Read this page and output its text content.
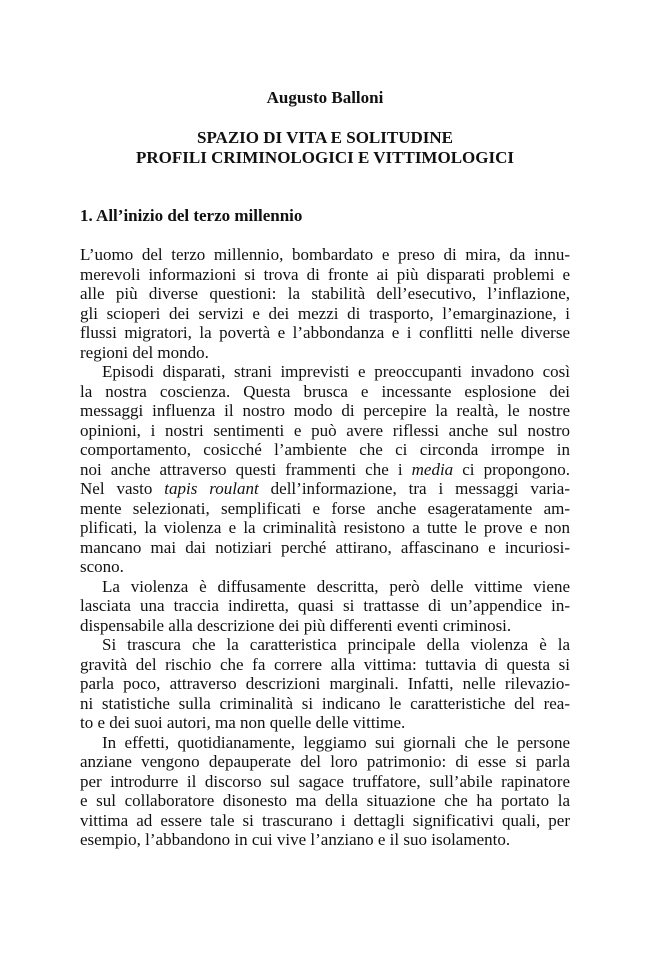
Augusto Balloni
SPAZIO DI VITA E SOLITUDINE
PROFILI CRIMINOLOGICI E VITTIMOLOGICI
1. All’inizio del terzo millennio
L’uomo del terzo millennio, bombardato e preso di mira, da innu-
merevoli informazioni si trova di fronte ai più disparati problemi e
alle più diverse questioni: la stabilità dell’esecutivo, l’inflazione,
gli scioperi dei servizi e dei mezzi di trasporto, l’emarginazione, i
flussi migratori, la povertà e l’abbondanza e i conflitti nelle diverse
regioni del mondo.
Episodi disparati, strani imprevisti e preoccupanti invadono così
la nostra coscienza. Questa brusca e incessante esplosione dei
messaggi influenza il nostro modo di percepire la realtà, le nostre
opinioni, i nostri sentimenti e può avere riflessi anche sul nostro
comportamento, cosicché l’ambiente che ci circonda irrompe in
noi anche attraverso questi frammenti che i media ci propongono.
Nel vasto tapis roulant dell’informazione, tra i messaggi varia-
mente selezionati, semplificati e forse anche esageratamente am-
plificati, la violenza e la criminalità resistono a tutte le prove e non
mancano mai dai notiziari perché attirano, affascinano e incuriosi-
scono.
La violenza è diffusamente descritta, però delle vittime viene
lasciata una traccia indiretta, quasi si trattasse di un’appendice in-
dispensabile alla descrizione dei più differenti eventi criminosi.
Si trascura che la caratteristica principale della violenza è la
gravità del rischio che fa correre alla vittima: tuttavia di questa si
parla poco, attraverso descrizioni marginali. Infatti, nelle rilevazio-
ni statistiche sulla criminalità si indicano le caratteristiche del rea-
to e dei suoi autori, ma non quelle delle vittime.
In effetti, quotidianamente, leggiamo sui giornali che le persone
anziane vengono depauperate del loro patrimonio: di esse si parla
per introdurre il discorso sul sagace truffatore, sull’abile rapinatore
e sul collaboratore disonesto ma della situazione che ha portato la
vittima ad essere tale si trascurano i dettagli significativi quali, per
esempio, l’abbandono in cui vive l’anziano e il suo isolamento.
